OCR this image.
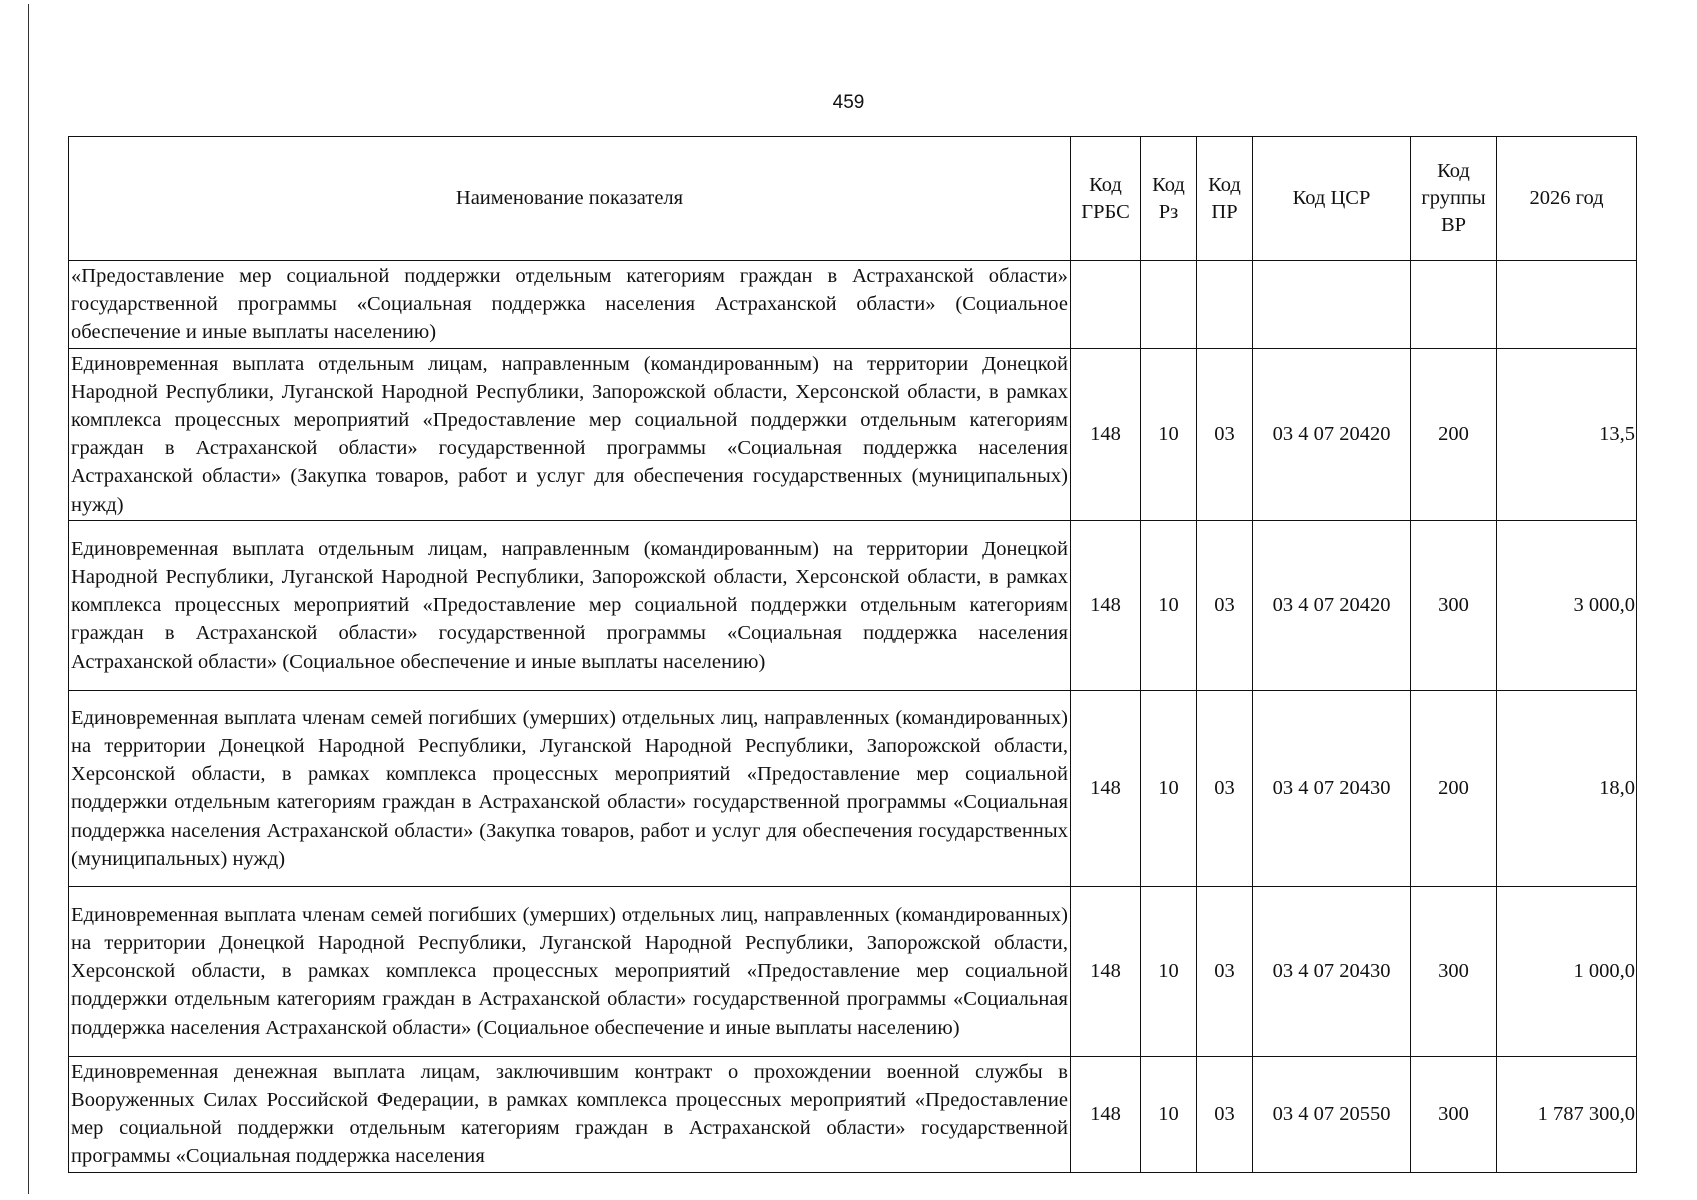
459
Наименование показателя	Код ГРБС	Код Рз	Код ПР	Код ЦСР	Код группы ВР	2026 год
«Предоставление мер социальной поддержки отдельным категориям граждан в Астраханской области» государственной программы «Социальная поддержка населения Астраханской области» (Социальное обеспечение и иные выплаты населению)						
Единовременная выплата отдельным лицам, направленным (командированным) на территории Донецкой Народной Республики, Луганской Народной Республики, Запорожской области, Херсонской области, в рамках комплекса процессных мероприятий «Предоставление мер социальной поддержки отдельным категориям граждан в Астраханской области» государственной программы «Социальная поддержка населения Астраханской области» (Закупка товаров, работ и услуг для обеспечения государственных (муниципальных) нужд)	148	10	03	03 4 07 20420	200	13,5
Единовременная выплата отдельным лицам, направленным (командированным) на территории Донецкой Народной Республики, Луганской Народной Республики, Запорожской области, Херсонской области, в рамках комплекса процессных мероприятий «Предоставление мер социальной поддержки отдельным категориям граждан в Астраханской области» государственной программы «Социальная поддержка населения Астраханской области» (Социальное обеспечение и иные выплаты населению)	148	10	03	03 4 07 20420	300	3 000,0
Единовременная выплата членам семей погибших (умерших) отдельных лиц, направленных (командированных) на территории Донецкой Народной Республики, Луганской Народной Республики, Запорожской области, Херсонской области, в рамках комплекса процессных мероприятий «Предоставление мер социальной поддержки отдельным категориям граждан в Астраханской области» государственной программы «Социальная поддержка населения Астраханской области» (Закупка товаров, работ и услуг для обеспечения государственных (муниципальных) нужд)	148	10	03	03 4 07 20430	200	18,0
Единовременная выплата членам семей погибших (умерших) отдельных лиц, направленных (командированных) на территории Донецкой Народной Республики, Луганской Народной Республики, Запорожской области, Херсонской области, в рамках комплекса процессных мероприятий «Предоставление мер социальной поддержки отдельным категориям граждан в Астраханской области» государственной программы «Социальная поддержка населения Астраханской области» (Социальное обеспечение и иные выплаты населению)	148	10	03	03 4 07 20430	300	1 000,0
Единовременная денежная выплата лицам, заключившим контракт о прохождении военной службы в Вооруженных Силах Российской Федерации, в рамках комплекса процессных мероприятий «Предоставление мер социальной поддержки отдельным категориям граждан в Астраханской области» государственной программы «Социальная поддержка населения	148	10	03	03 4 07 20550	300	1 787 300,0
